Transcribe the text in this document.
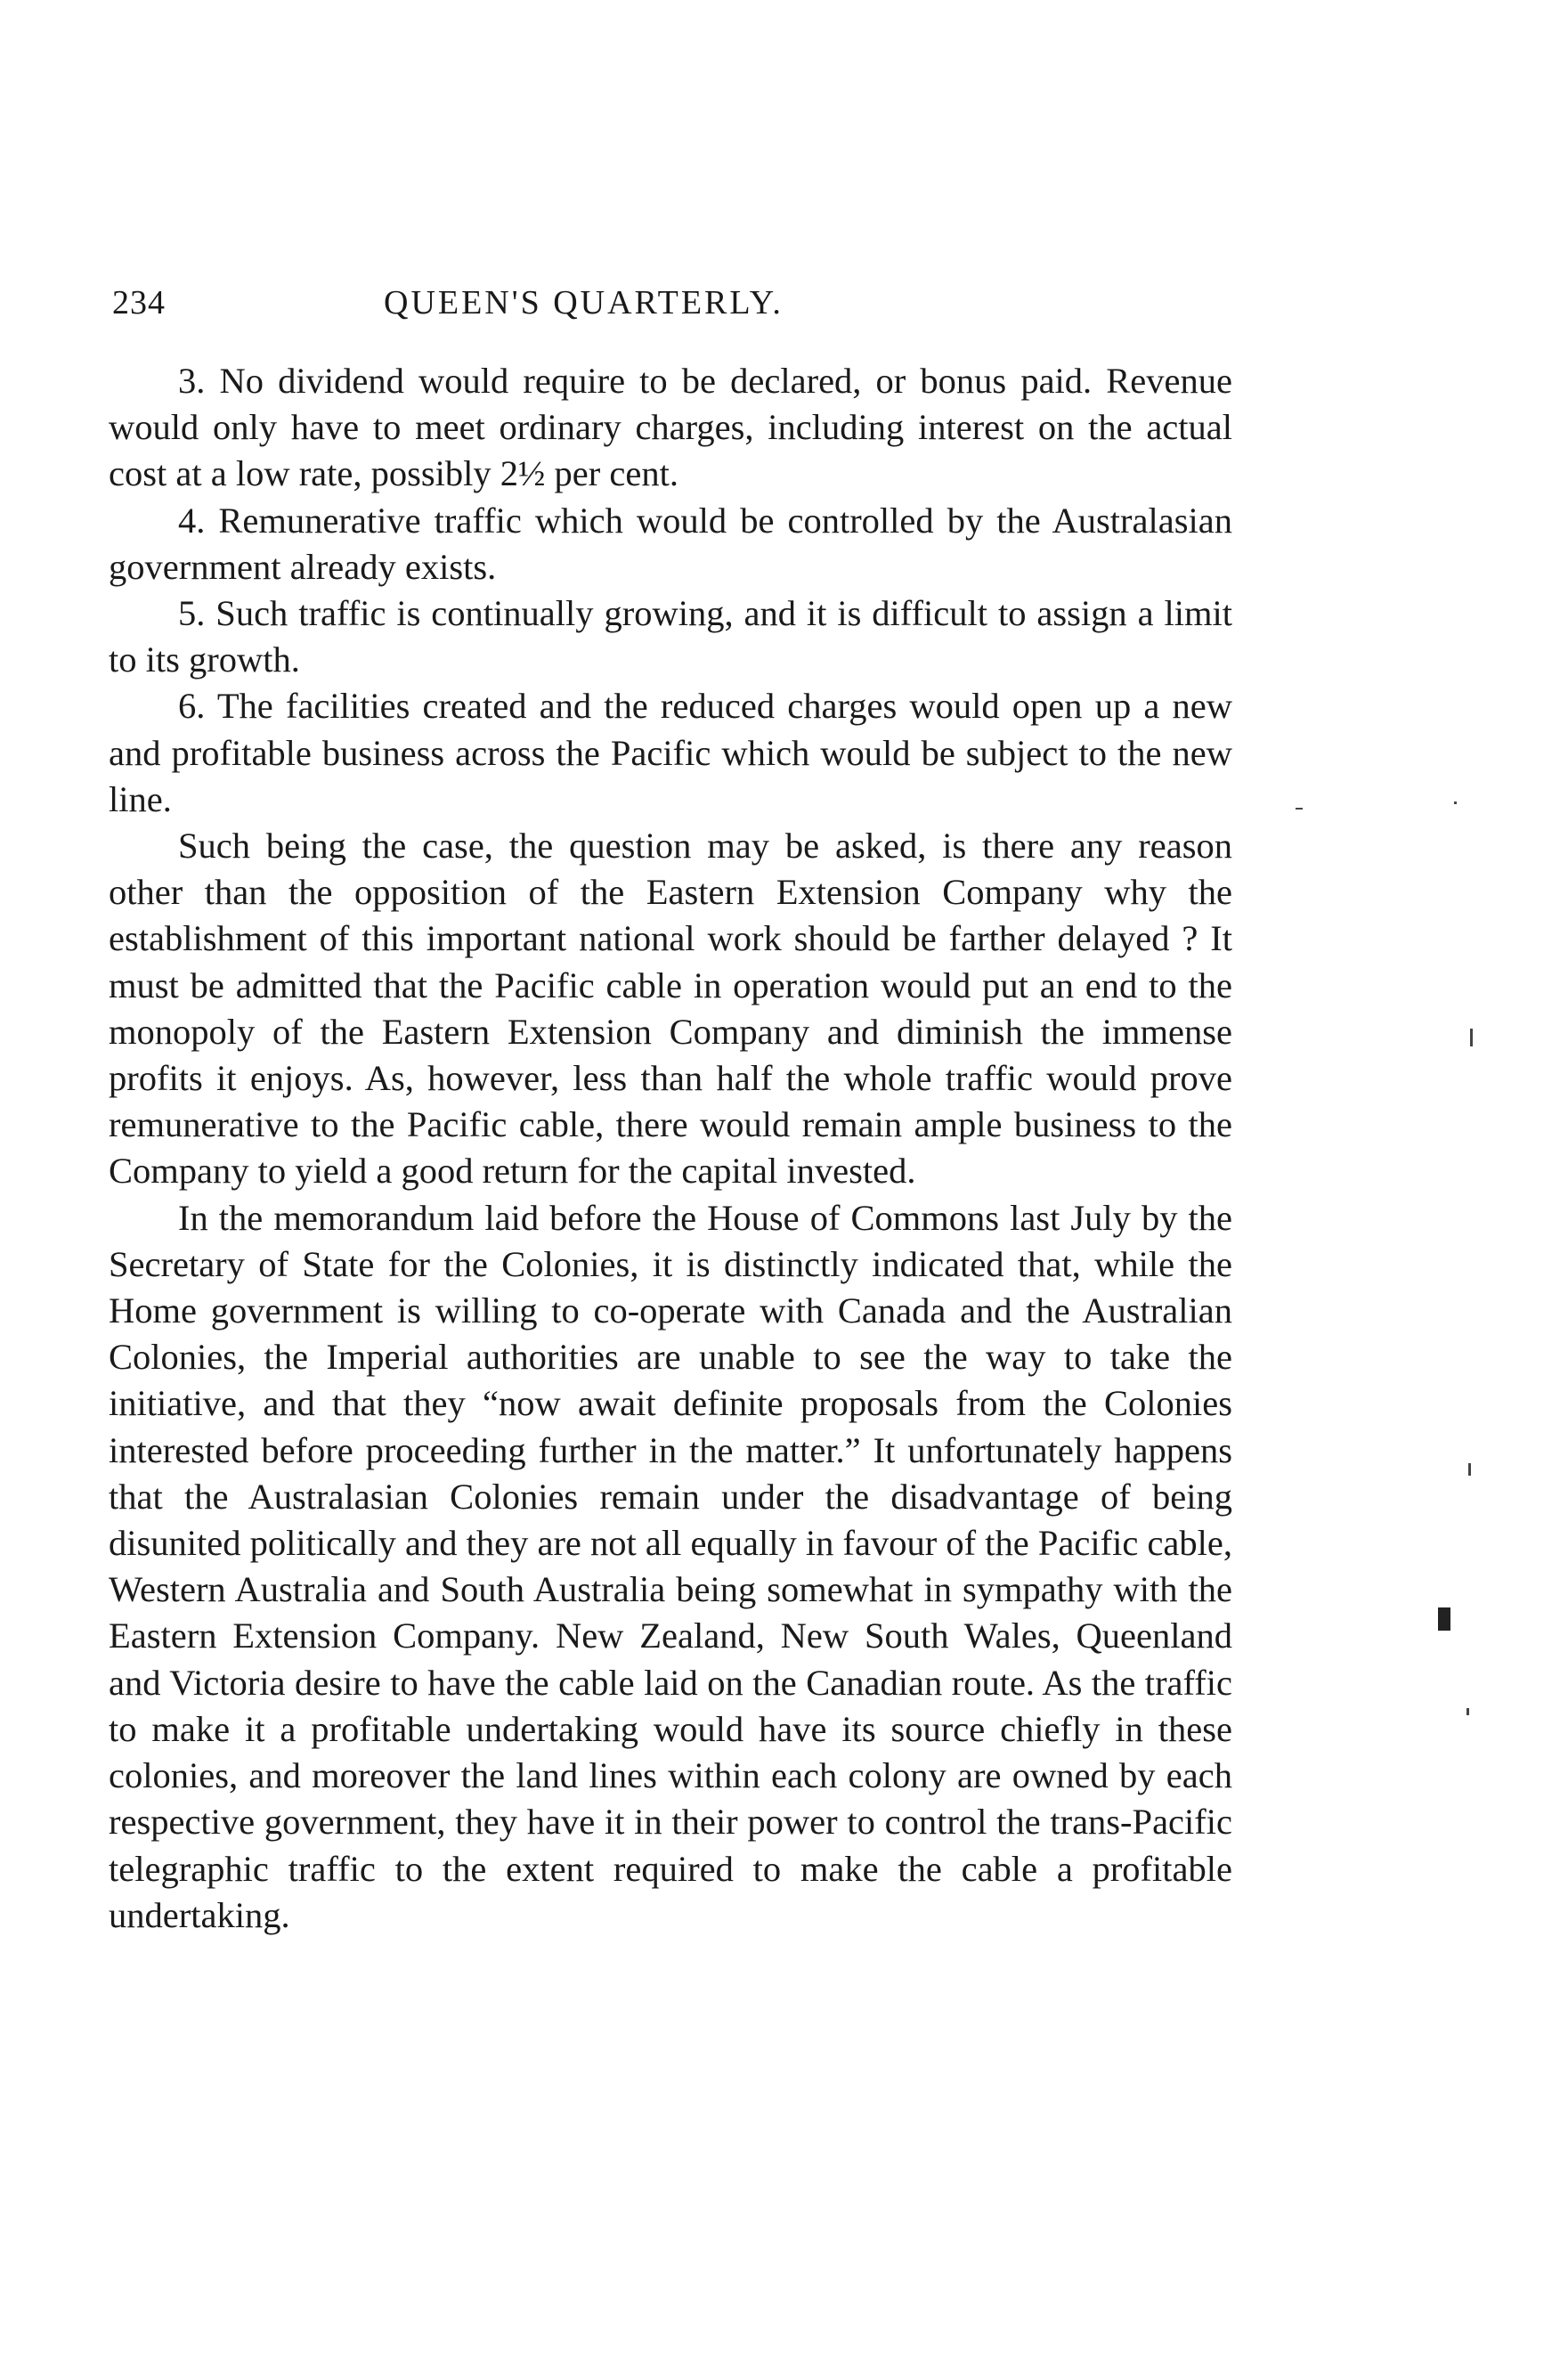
234	QUEEN'S QUARTERLY.

3. No dividend would require to be declared, or bonus paid. Revenue would only have to meet ordinary charges, including interest on the actual cost at a low rate, possibly 2½ per cent.

4. Remunerative traffic which would be controlled by the Australasian government already exists.

5. Such traffic is continually growing, and it is difficult to assign a limit to its growth.

6. The facilities created and the reduced charges would open up a new and profitable business across the Pacific which would be subject to the new line.

Such being the case, the question may be asked, is there any reason other than the opposition of the Eastern Extension Company why the establishment of this important national work should be farther delayed ? It must be admitted that the Pacific cable in operation would put an end to the monopoly of the Eastern Extension Company and diminish the immense profits it enjoys. As, however, less than half the whole traffic would prove remunerative to the Pacific cable, there would remain ample business to the Company to yield a good return for the capital invested.

In the memorandum laid before the House of Commons last July by the Secretary of State for the Colonies, it is distinctly indicated that, while the Home government is willing to co-operate with Canada and the Australian Colonies, the Imperial authorities are unable to see the way to take the initiative, and that they “now await definite proposals from the Colonies interested before proceeding further in the matter.” It unfortunately happens that the Australasian Colonies remain under the disadvantage of being disunited politically and they are not all equally in favour of the Pacific cable, Western Australia and South Australia being somewhat in sympathy with the Eastern Extension Company. New Zealand, New South Wales, Queenland and Victoria desire to have the cable laid on the Canadian route. As the traffic to make it a profitable undertaking would have its source chiefly in these colonies, and moreover the land lines within each colony are owned by each respective government, they have it in their power to control the trans-Pacific telegraphic traffic to the extent required to make the cable a profitable undertaking.
